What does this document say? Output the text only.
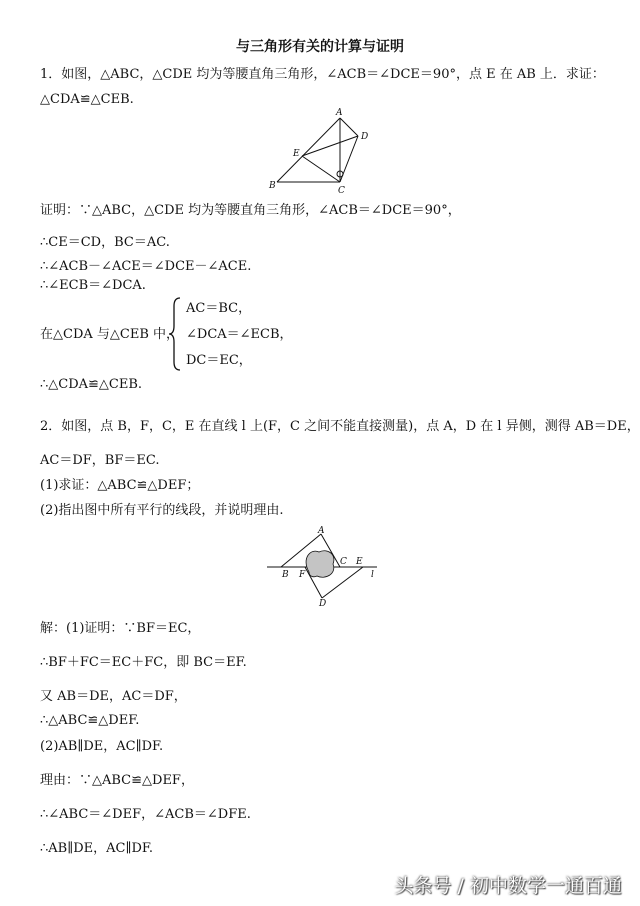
与三角形有关的计算与证明
1．如图，△ABC，△CDE 均为等腰直角三角形，∠ACB＝∠DCE＝90°，点 E 在 AB 上．求证：
△CDA≌△CEB.
A
D
E
B	C
证明：∵△ABC，△CDE 均为等腰直角三角形，∠ACB＝∠DCE＝90°，
∴CE＝CD，BC＝AC.
∴∠ACB－∠ACE＝∠DCE－∠ACE.
∴∠ECB＝∠DCA.
在△CDA 与△CEB 中，
AC＝BC，
∠DCA＝∠ECB，
DC＝EC，
∴△CDA≌△CEB.
2．如图，点 B，F，C，E 在直线 l 上(F，C 之间不能直接测量)，点 A，D 在 l 异侧，测得 AB＝DE，
AC＝DF，BF＝EC.
(1)求证：△ABC≌△DEF；
(2)指出图中所有平行的线段，并说明理由.
A
B F
C E
l
D
解：(1)证明：∵BF＝EC，
∴BF＋FC＝EC＋FC，即 BC＝EF.
又 AB＝DE，AC＝DF，
∴△ABC≌△DEF.
(2)AB∥DE，AC∥DF.
理由：∵△ABC≌△DEF，
∴∠ABC＝∠DEF，∠ACB＝∠DFE.
∴AB∥DE，AC∥DF.
头条号 / 初中数学一通百通
